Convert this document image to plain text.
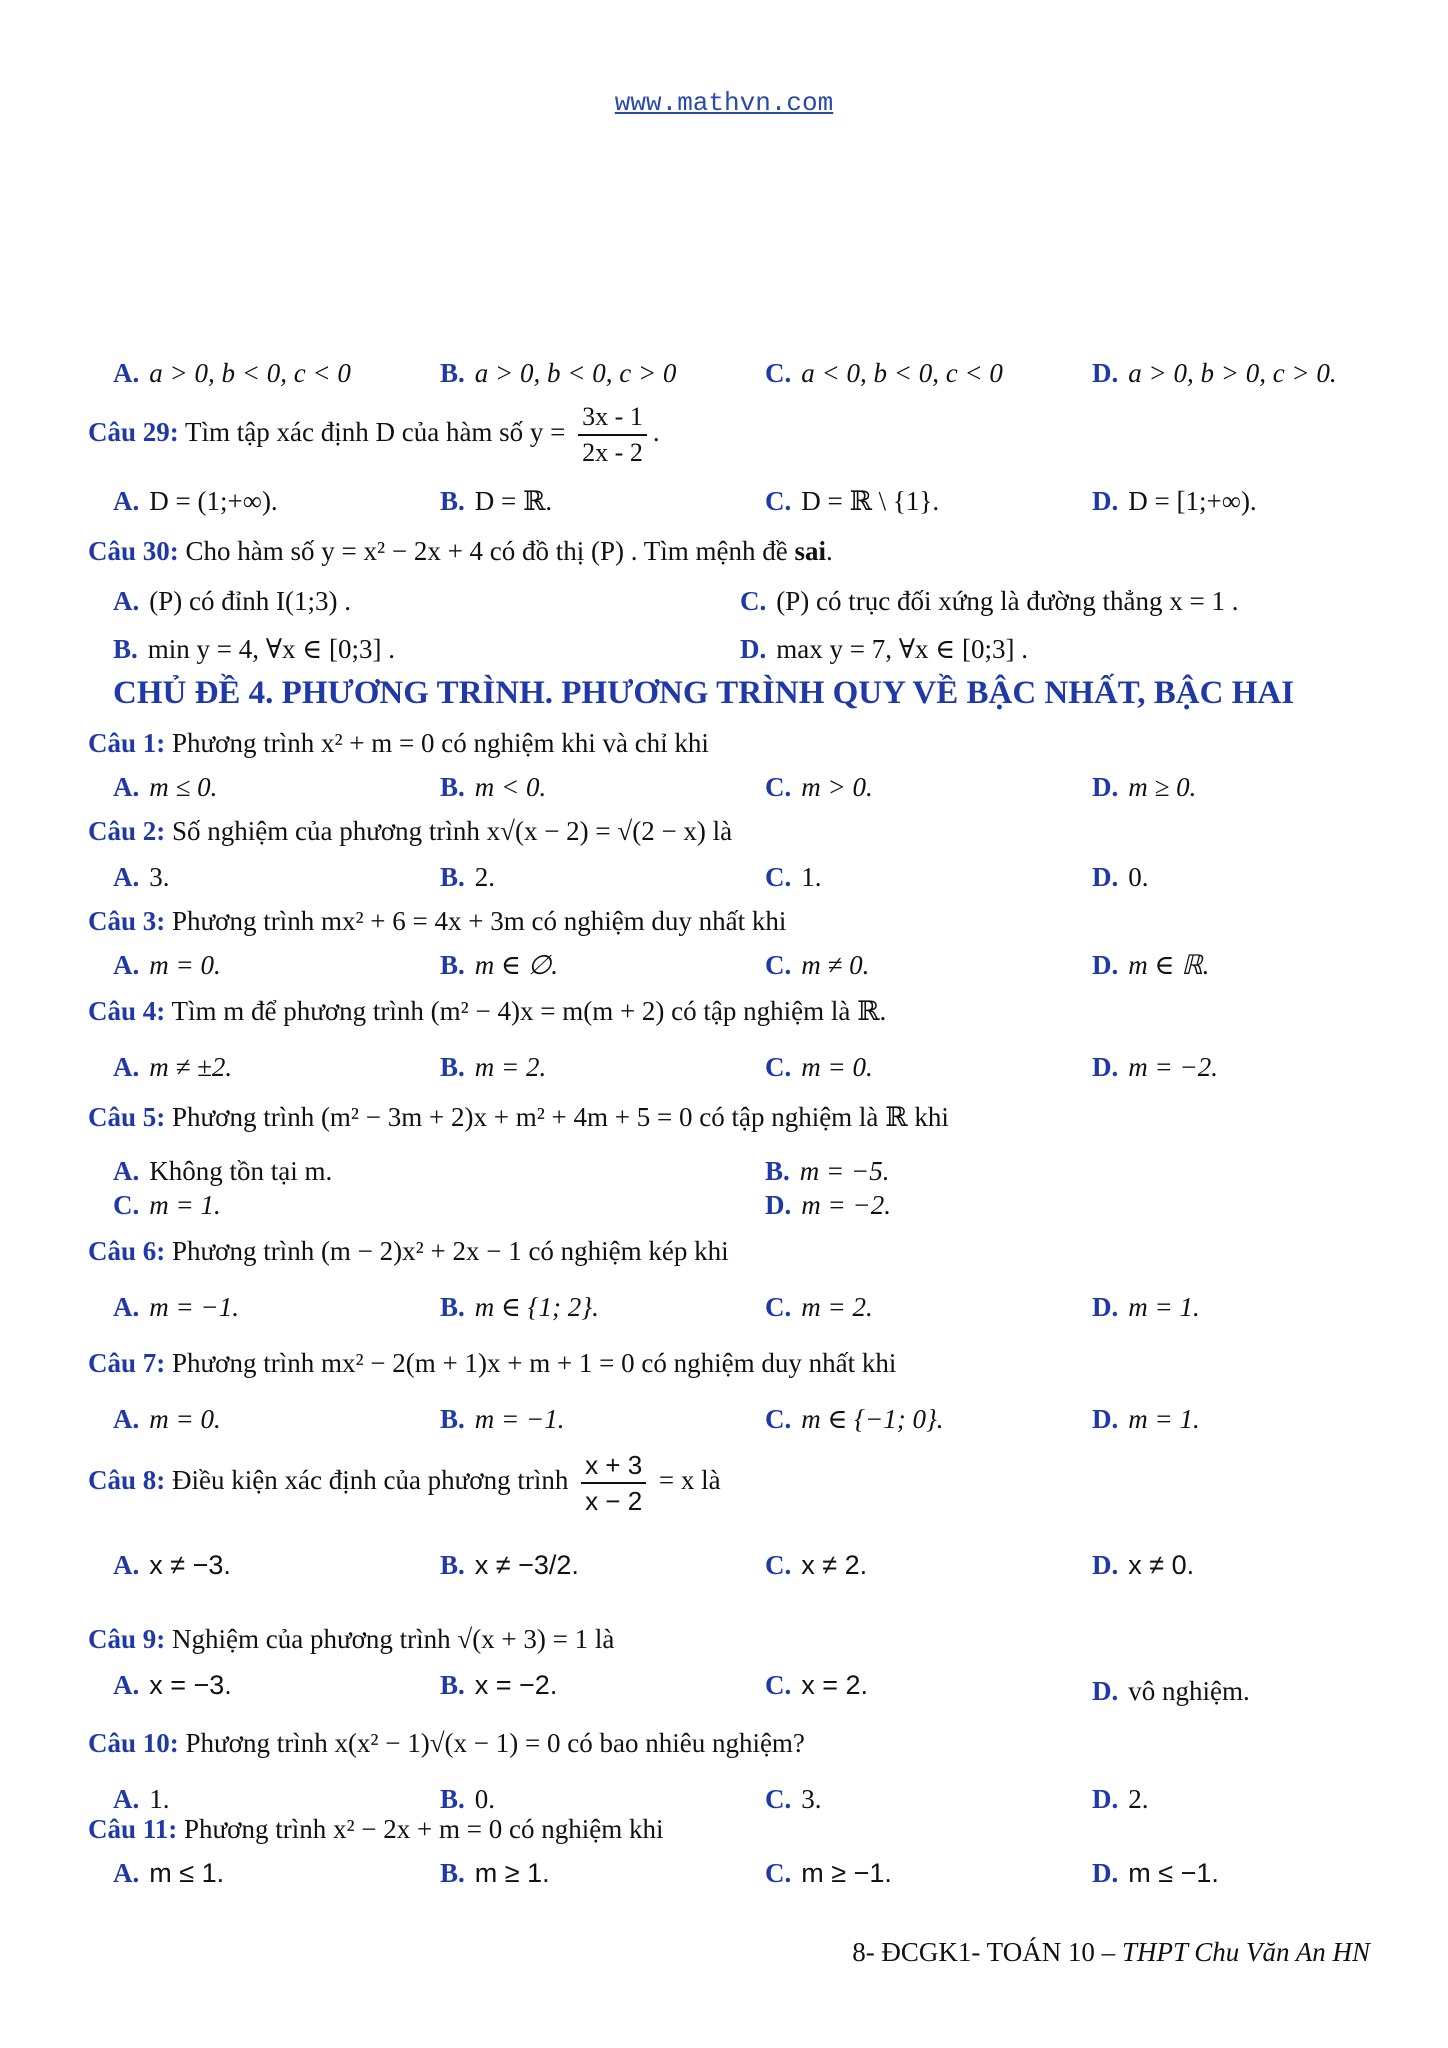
www.mathvn.com
A. a > 0, b < 0, c < 0	B. a > 0, b < 0, c > 0	C. a < 0, b < 0, c < 0	D. a > 0, b > 0, c > 0.
Câu 29: Tìm tập xác định D của hàm số $y = \frac{3x - 1}{2x - 2}$ .
A. D = (1;+∞).	B. D = ℝ.	C. D = ℝ \ {1}.	D. D = [1;+∞).
Câu 30: Cho hàm số y = x² − 2x + 4 có đồ thị (P) . Tìm mệnh đề sai.
A. (P) có đỉnh I(1;3) .	C. (P) có trục đối xứng là đường thẳng x = 1 .
B. min y = 4, ∀x ∈ [0;3] .	D. max y = 7, ∀x ∈ [0;3] .
CHỦ ĐỀ 4. PHƯƠNG TRÌNH. PHƯƠNG TRÌNH QUY VỀ BẬC NHẤT, BẬC HAI
Câu 1: Phương trình x² + m = 0 có nghiệm khi và chỉ khi
A. m ≤ 0.	B. m < 0.	C. m > 0.	D. m ≥ 0.
Câu 2: Số nghiệm của phương trình x√(x − 2) = √(2 − x) là
A. 3.	B. 2.	C. 1.	D. 0.
Câu 3: Phương trình mx² + 6 = 4x + 3m có nghiệm duy nhất khi
A. m = 0.	B. m ∈ ∅.	C. m ≠ 0.	D. m ∈ ℝ.
Câu 4: Tìm m để phương trình (m² − 4)x = m(m + 2) có tập nghiệm là ℝ.
A. m ≠ ±2.	B. m = 2.	C. m = 0.	D. m = −2.
Câu 5: Phương trình (m² − 3m + 2)x + m² + 4m + 5 = 0 có tập nghiệm là ℝ khi
A. Không tồn tại m.	B. m = −5.
C. m = 1.	D. m = −2.
Câu 6: Phương trình (m − 2)x² + 2x − 1 có nghiệm kép khi
A. m = −1.	B. m ∈ {1; 2}.	C. m = 2.	D. m = 1.
Câu 7: Phương trình mx² − 2(m + 1)x + m + 1 = 0 có nghiệm duy nhất khi
A. m = 0.	B. m = −1.	C. m ∈ {−1; 0}.	D. m = 1.
Câu 8: Điều kiện xác định của phương trình $\frac{x + 3}{x - 2} = x$ là
A. x ≠ −3.	B. x ≠ −3/2.	C. x ≠ 2.	D. x ≠ 0.
Câu 9: Nghiệm của phương trình √(x + 3) = 1 là
A. x = −3.	B. x = −2.	C. x = 2.	D. vô nghiệm.
Câu 10: Phương trình x(x² − 1)√(x − 1) = 0 có bao nhiêu nghiệm?
A. 1.	B. 0.	C. 3.	D. 2.
Câu 11: Phương trình x² − 2x + m = 0 có nghiệm khi
A. m ≤ 1.	B. m ≥ 1.	C. m ≥ −1.	D. m ≤ −1.
8- ĐCGK1- TOÁN 10 – THPT Chu Văn An HN
